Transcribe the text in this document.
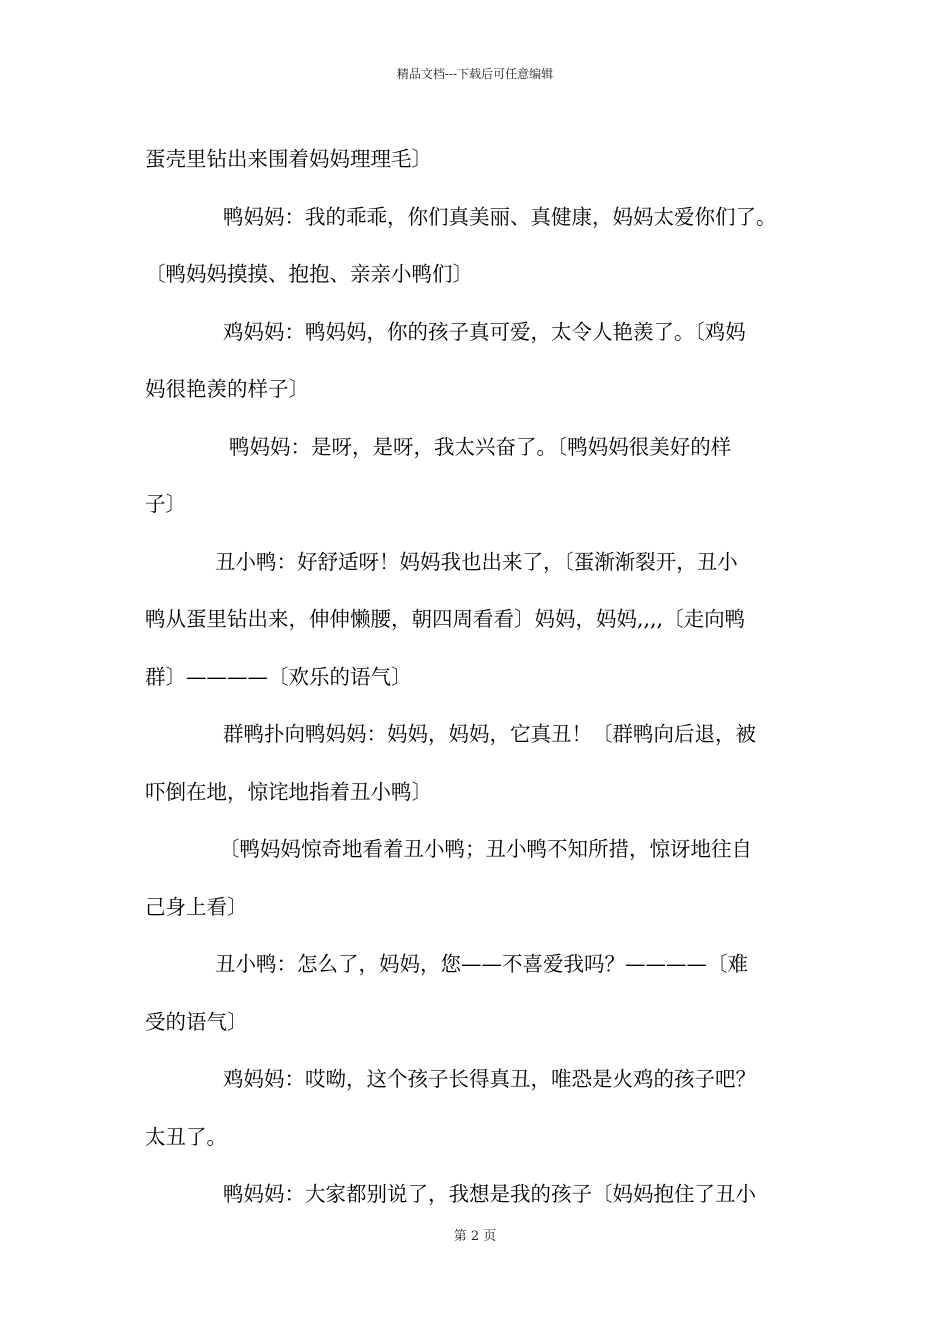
精品文档---下载后可任意编辑
蛋壳里钻出来围着妈妈理理毛〕
鸭妈妈：我的乖乖，你们真美丽、真健康，妈妈太爱你们了。
〔鸭妈妈摸摸、抱抱、亲亲小鸭们〕
鸡妈妈：鸭妈妈，你的孩子真可爱，太令人艳羡了。〔鸡妈
妈很艳羡的样子〕
鸭妈妈：是呀，是呀，我太兴奋了。〔鸭妈妈很美好的样
子〕
丑小鸭：好舒适呀！妈妈我也出来了，〔蛋渐渐裂开，丑小
鸭从蛋里钻出来，伸伸懒腰，朝四周看看〕妈妈，妈妈,,,,〔走向鸭
群〕————〔欢乐的语气〕
群鸭扑向鸭妈妈：妈妈，妈妈，它真丑！〔群鸭向后退，被
吓倒在地，惊诧地指着丑小鸭〕
〔鸭妈妈惊奇地看着丑小鸭；丑小鸭不知所措，惊讶地往自
己身上看〕
丑小鸭：怎么了，妈妈，您——不喜爱我吗？————〔难
受的语气〕
鸡妈妈：哎呦，这个孩子长得真丑，唯恐是火鸡的孩子吧？
太丑了。
鸭妈妈：大家都别说了，我想是我的孩子〔妈妈抱住了丑小
第 2 页
